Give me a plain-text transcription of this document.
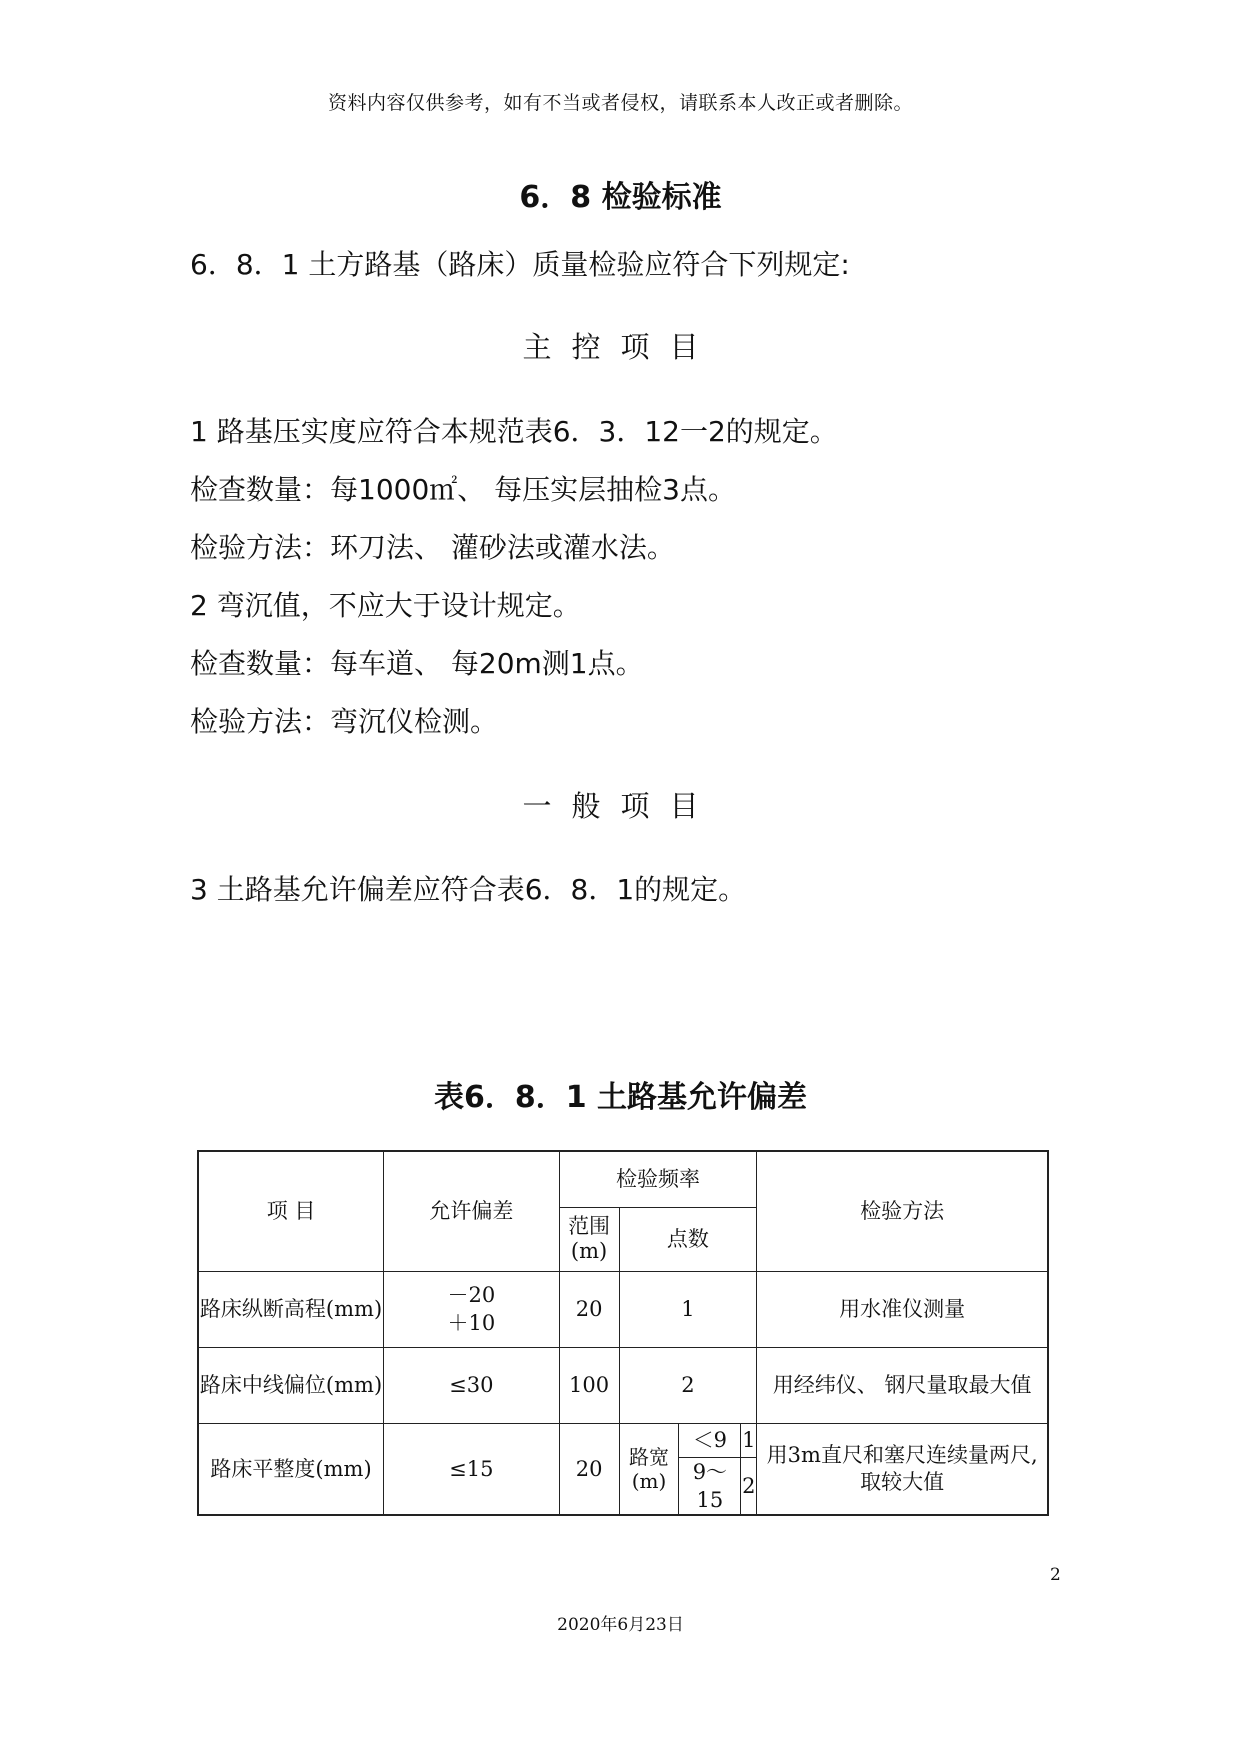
资料内容仅供参考，如有不当或者侵权，请联系本人改正或者删除。
6．8 检验标准
6．8．1 土方路基（路床）质量检验应符合下列规定:
主控项目
1 路基压实度应符合本规范表6．3．12一2的规定。
检查数量：每1000㎡、 每压实层抽检3点。
检验方法：环刀法、 灌砂法或灌水法。
2 弯沉值，不应大于设计规定。
检查数量：每车道、 每20m测1点。
检验方法：弯沉仪检测。
一般项目
3 土路基允许偏差应符合表6．8．1的规定。
表6．8．1 土路基允许偏差
项 目	允许偏差	检验频率				检验方法
		范围(m)	点数			
路床纵断高程(mm)	－20
＋10	20	1			用水准仪测量
路床中线偏位(mm)	≤30	100	2			用经纬仪、 钢尺量取最大值
路床平整度(mm)	≤15	20	路宽(m)	＜9	1	用3m直尺和塞尺连续量两尺, 取较大值
				9～15	2	
2
2020年6月23日
